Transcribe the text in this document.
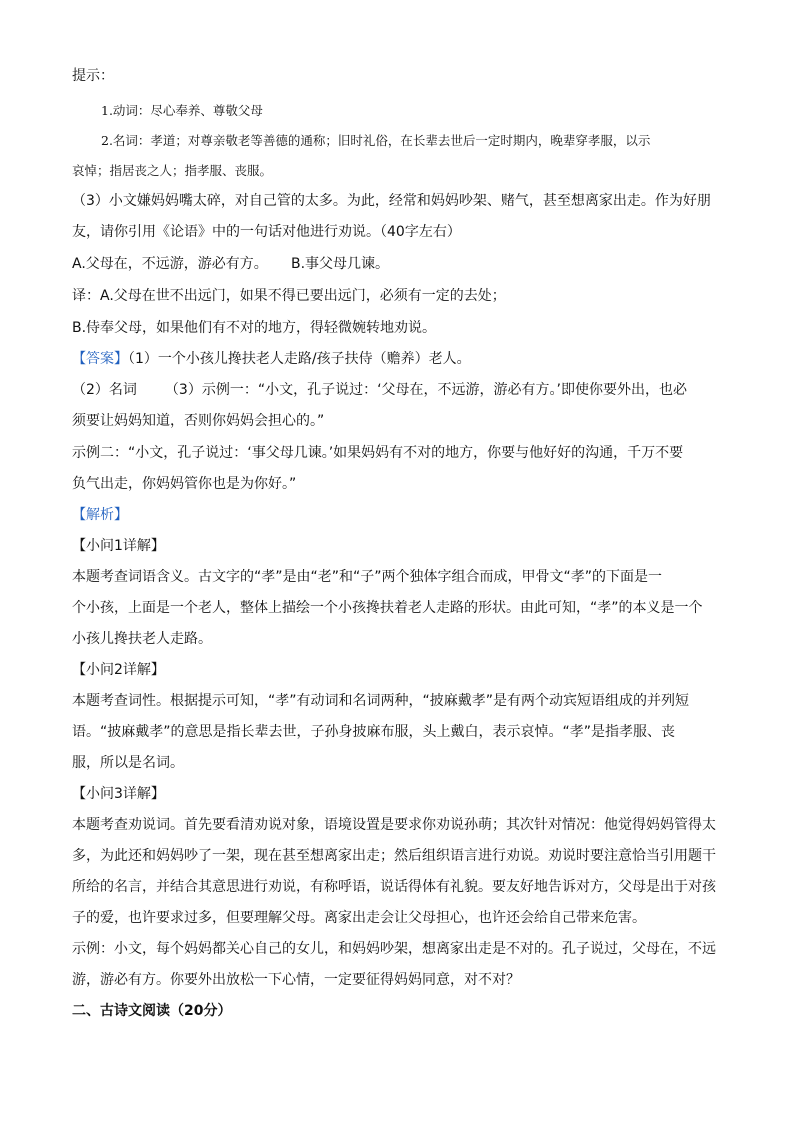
提示：
1.动词：尽心奉养、尊敬父母
2.名词：孝道；对尊亲敬老等善德的通称；旧时礼俗，在长辈去世后一定时期内，晚辈穿孝服，以示
哀悼；指居丧之人；指孝服、丧服。
（3）小文嫌妈妈嘴太碎，对自己管的太多。为此，经常和妈妈吵架、赌气，甚至想离家出走。作为好朋
友，请你引用《论语》中的一句话对他进行劝说。（40字左右）
A.父母在，不远游，游必有方。 B.事父母几谏。
译：A.父母在世不出远门，如果不得已要出远门，必须有一定的去处；
B.侍奉父母，如果他们有不对的地方，得轻微婉转地劝说。
【答案】（1）一个小孩儿搀扶老人走路/孩子扶侍（赡养）老人。
（2）名词 （3）示例一：“小文，孔子说过：‘父母在，不远游，游必有方。’即使你要外出，也必
须要让妈妈知道，否则你妈妈会担心的。”
示例二：“小文，孔子说过：‘事父母几谏。’如果妈妈有不对的地方，你要与他好好的沟通，千万不要
负气出走，你妈妈管你也是为你好。”
【解析】
【小问1详解】
本题考查词语含义。古文字的“孝”是由“老”和“子”两个独体字组合而成，甲骨文“孝”的下面是一
个小孩，上面是一个老人，整体上描绘一个小孩搀扶着老人走路的形状。由此可知，“孝”的本义是一个
小孩儿搀扶老人走路。
【小问2详解】
本题考查词性。根据提示可知，“孝”有动词和名词两种，“披麻戴孝”是有两个动宾短语组成的并列短
语。“披麻戴孝”的意思是指长辈去世，子孙身披麻布服，头上戴白，表示哀悼。“孝”是指孝服、丧
服，所以是名词。
【小问3详解】
本题考查劝说词。首先要看清劝说对象，语境设置是要求你劝说孙萌；其次针对情况：他觉得妈妈管得太
多，为此还和妈妈吵了一架，现在甚至想离家出走；然后组织语言进行劝说。劝说时要注意恰当引用题干
所给的名言，并结合其意思进行劝说，有称呼语，说话得体有礼貌。要友好地告诉对方，父母是出于对孩
子的爱，也许要求过多，但要理解父母。离家出走会让父母担心，也许还会给自己带来危害。
示例：小文，每个妈妈都关心自己的女儿，和妈妈吵架，想离家出走是不对的。孔子说过，父母在，不远
游，游必有方。你要外出放松一下心情，一定要征得妈妈同意，对不对？
二、古诗文阅读（20分）
